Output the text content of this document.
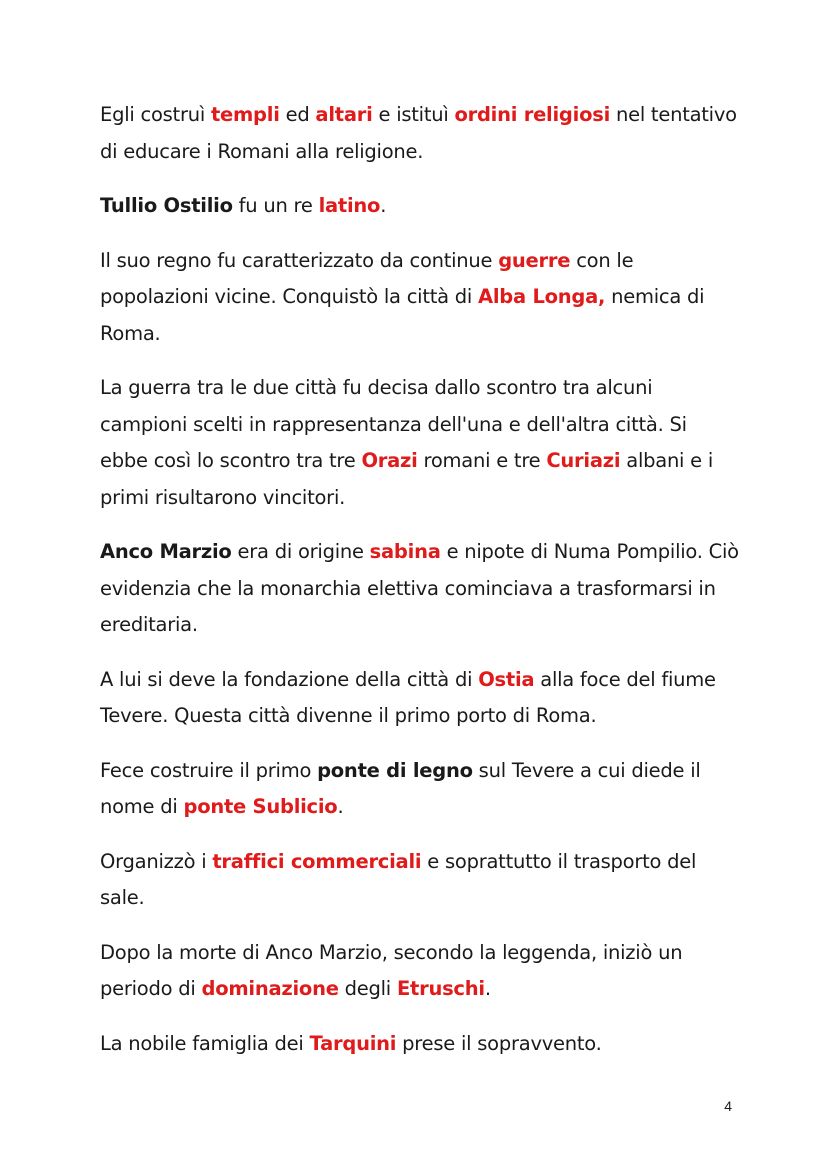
Egli costruì templi ed altari e istituì ordini religiosi nel tentativo di educare i Romani alla religione.

Tullio Ostilio fu un re latino.

Il suo regno fu caratterizzato da continue guerre con le popolazioni vicine. Conquistò la città di Alba Longa, nemica di Roma.

La guerra tra le due città fu decisa dallo scontro tra alcuni campioni scelti in rappresentanza dell'una e dell'altra città. Si ebbe così lo scontro tra tre Orazi romani e tre Curiazi albani e i primi risultarono vincitori.

Anco Marzio era di origine sabina e nipote di Numa Pompilio. Ciò evidenzia che la monarchia elettiva cominciava a trasformarsi in ereditaria.

A lui si deve la fondazione della città di Ostia alla foce del fiume Tevere. Questa città divenne il primo porto di Roma.

Fece costruire il primo ponte di legno sul Tevere a cui diede il nome di ponte Sublicio.

Organizzò i traffici commerciali e soprattutto il trasporto del sale.

Dopo la morte di Anco Marzio, secondo la leggenda, iniziò un periodo di dominazione degli Etruschi.

La nobile famiglia dei Tarquini prese il sopravvento.

4
